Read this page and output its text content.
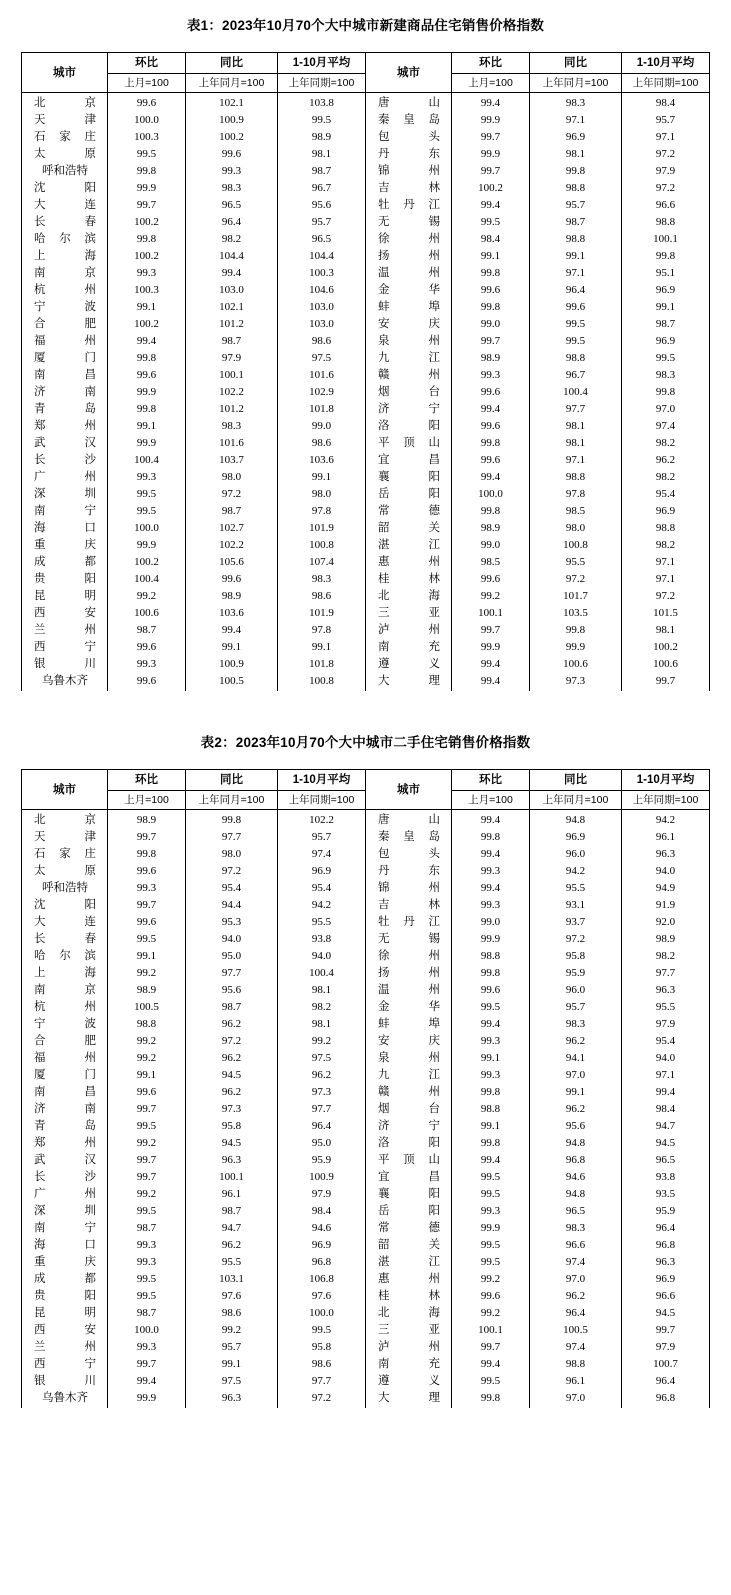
表1：2023年10月70个大中城市新建商品住宅销售价格指数
城市	环比	同比	1-10月平均	城市	环比	同比	1-10月平均
	上月=100	上年同月=100	上年同期=100		上月=100	上年同月=100	上年同期=100
北京	99.6	102.1	103.8	唐山	99.4	98.3	98.4
天津	100.0	100.9	99.5	秦皇岛	99.9	97.1	95.7
石家庄	100.3	100.2	98.9	包头	99.7	96.9	97.1
太原	99.5	99.6	98.1	丹东	99.9	98.1	97.2
呼和浩特	99.8	99.3	98.7	锦州	99.7	99.8	97.9
沈阳	99.9	98.3	96.7	吉林	100.2	98.8	97.2
大连	99.7	96.5	95.6	牡丹江	99.4	95.7	96.6
长春	100.2	96.4	95.7	无锡	99.5	98.7	98.8
哈尔滨	99.8	98.2	96.5	徐州	98.4	98.8	100.1
上海	100.2	104.4	104.4	扬州	99.1	99.1	99.8
南京	99.3	99.4	100.3	温州	99.8	97.1	95.1
杭州	100.3	103.0	104.6	金华	99.6	96.4	96.9
宁波	99.1	102.1	103.0	蚌埠	99.8	99.6	99.1
合肥	100.2	101.2	103.0	安庆	99.0	99.5	98.7
福州	99.4	98.7	98.6	泉州	99.7	99.5	96.9
厦门	99.8	97.9	97.5	九江	98.9	98.8	99.5
南昌	99.6	100.1	101.6	赣州	99.3	96.7	98.3
济南	99.9	102.2	102.9	烟台	99.6	100.4	99.8
青岛	99.8	101.2	101.8	济宁	99.4	97.7	97.0
郑州	99.1	98.3	99.0	洛阳	99.6	98.1	97.4
武汉	99.9	101.6	98.6	平顶山	99.8	98.1	98.2
长沙	100.4	103.7	103.6	宜昌	99.6	97.1	96.2
广州	99.3	98.0	99.1	襄阳	99.4	98.8	98.2
深圳	99.5	97.2	98.0	岳阳	100.0	97.8	95.4
南宁	99.5	98.7	97.8	常德	99.8	98.5	96.9
海口	100.0	102.7	101.9	韶关	98.9	98.0	98.8
重庆	99.9	102.2	100.8	湛江	99.0	100.8	98.2
成都	100.2	105.6	107.4	惠州	98.5	95.5	97.1
贵阳	100.4	99.6	98.3	桂林	99.6	97.2	97.1
昆明	99.2	98.9	98.6	北海	99.2	101.7	97.2
西安	100.6	103.6	101.9	三亚	100.1	103.5	101.5
兰州	98.7	99.4	97.8	泸州	99.7	99.8	98.1
西宁	99.6	99.1	99.1	南充	99.9	99.9	100.2
银川	99.3	100.9	101.8	遵义	99.4	100.6	100.6
乌鲁木齐	99.6	100.5	100.8	大理	99.4	97.3	99.7
表2：2023年10月70个大中城市二手住宅销售价格指数
城市	环比	同比	1-10月平均	城市	环比	同比	1-10月平均
	上月=100	上年同月=100	上年同期=100		上月=100	上年同月=100	上年同期=100
北京	98.9	99.8	102.2	唐山	99.4	94.8	94.2
天津	99.7	97.7	95.7	秦皇岛	99.8	96.9	96.1
石家庄	99.8	98.0	97.4	包头	99.4	96.0	96.3
太原	99.6	97.2	96.9	丹东	99.3	94.2	94.0
呼和浩特	99.3	95.4	95.4	锦州	99.4	95.5	94.9
沈阳	99.7	94.4	94.2	吉林	99.3	93.1	91.9
大连	99.6	95.3	95.5	牡丹江	99.0	93.7	92.0
长春	99.5	94.0	93.8	无锡	99.9	97.2	98.9
哈尔滨	99.1	95.0	94.0	徐州	98.8	95.8	98.2
上海	99.2	97.7	100.4	扬州	99.8	95.9	97.7
南京	98.9	95.6	98.1	温州	99.6	96.0	96.3
杭州	100.5	98.7	98.2	金华	99.5	95.7	95.5
宁波	98.8	96.2	98.1	蚌埠	99.4	98.3	97.9
合肥	99.2	97.2	99.2	安庆	99.3	96.2	95.4
福州	99.2	96.2	97.5	泉州	99.1	94.1	94.0
厦门	99.1	94.5	96.2	九江	99.3	97.0	97.1
南昌	99.6	96.2	97.3	赣州	99.8	99.1	99.4
济南	99.7	97.3	97.7	烟台	98.8	96.2	98.4
青岛	99.5	95.8	96.4	济宁	99.1	95.6	94.7
郑州	99.2	94.5	95.0	洛阳	99.8	94.8	94.5
武汉	99.7	96.3	95.9	平顶山	99.4	96.8	96.5
长沙	99.7	100.1	100.9	宜昌	99.5	94.6	93.8
广州	99.2	96.1	97.9	襄阳	99.5	94.8	93.5
深圳	99.5	98.7	98.4	岳阳	99.3	96.5	95.9
南宁	98.7	94.7	94.6	常德	99.9	98.3	96.4
海口	99.3	96.2	96.9	韶关	99.5	96.6	96.8
重庆	99.3	95.5	96.8	湛江	99.5	97.4	96.3
成都	99.5	103.1	106.8	惠州	99.2	97.0	96.9
贵阳	99.5	97.6	97.6	桂林	99.6	96.2	96.6
昆明	98.7	98.6	100.0	北海	99.2	96.4	94.5
西安	100.0	99.2	99.5	三亚	100.1	100.5	99.7
兰州	99.3	95.7	95.8	泸州	99.7	97.4	97.9
西宁	99.7	99.1	98.6	南充	99.4	98.8	100.7
银川	99.4	97.5	97.7	遵义	99.5	96.1	96.4
乌鲁木齐	99.9	96.3	97.2	大理	99.8	97.0	96.8
